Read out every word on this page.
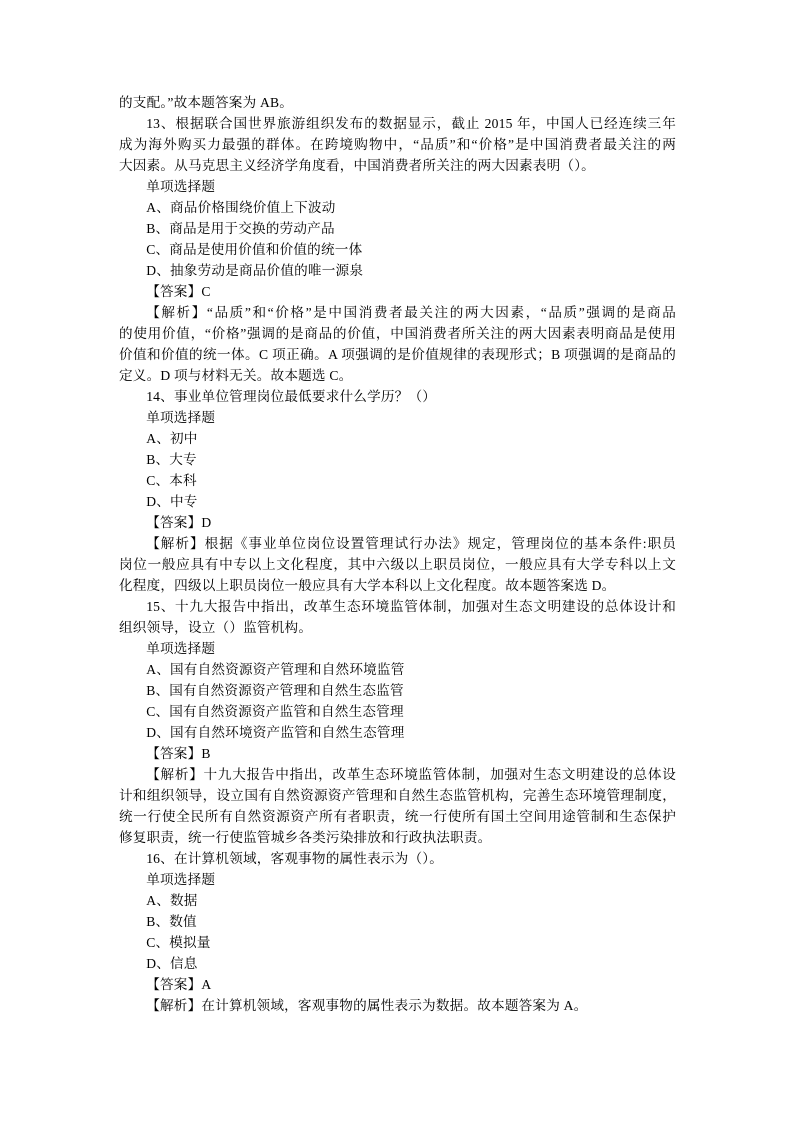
的支配。”故本题答案为 AB。
13、根据联合国世界旅游组织发布的数据显示，截止 2015 年，中国人已经连续三年
成为海外购买力最强的群体。在跨境购物中，“品质”和“价格”是中国消费者最关注的两
大因素。从马克思主义经济学角度看，中国消费者所关注的两大因素表明（）。
单项选择题
A、商品价格围绕价值上下波动
B、商品是用于交换的劳动产品
C、商品是使用价值和价值的统一体
D、抽象劳动是商品价值的唯一源泉
【答案】C
【解析】“品质”和“价格”是中国消费者最关注的两大因素，“品质”强调的是商品
的使用价值，“价格”强调的是商品的价值，中国消费者所关注的两大因素表明商品是使用
价值和价值的统一体。C 项正确。A 项强调的是价值规律的表现形式；B 项强调的是商品的
定义。D 项与材料无关。故本题选 C。
14、事业单位管理岗位最低要求什么学历？（）
单项选择题
A、初中
B、大专
C、本科
D、中专
【答案】D
【解析】根据《事业单位岗位设置管理试行办法》规定，管理岗位的基本条件:职员
岗位一般应具有中专以上文化程度，其中六级以上职员岗位，一般应具有大学专科以上文
化程度，四级以上职员岗位一般应具有大学本科以上文化程度。故本题答案选 D。
15、十九大报告中指出，改革生态环境监管体制，加强对生态文明建设的总体设计和
组织领导，设立（）监管机构。
单项选择题
A、国有自然资源资产管理和自然环境监管
B、国有自然资源资产管理和自然生态监管
C、国有自然资源资产监管和自然生态管理
D、国有自然环境资产监管和自然生态管理
【答案】B
【解析】十九大报告中指出，改革生态环境监管体制，加强对生态文明建设的总体设
计和组织领导，设立国有自然资源资产管理和自然生态监管机构，完善生态环境管理制度，
统一行使全民所有自然资源资产所有者职责，统一行使所有国土空间用途管制和生态保护
修复职责，统一行使监管城乡各类污染排放和行政执法职责。
16、在计算机领域，客观事物的属性表示为（）。
单项选择题
A、数据
B、数值
C、模拟量
D、信息
【答案】A
【解析】在计算机领域，客观事物的属性表示为数据。故本题答案为 A。
